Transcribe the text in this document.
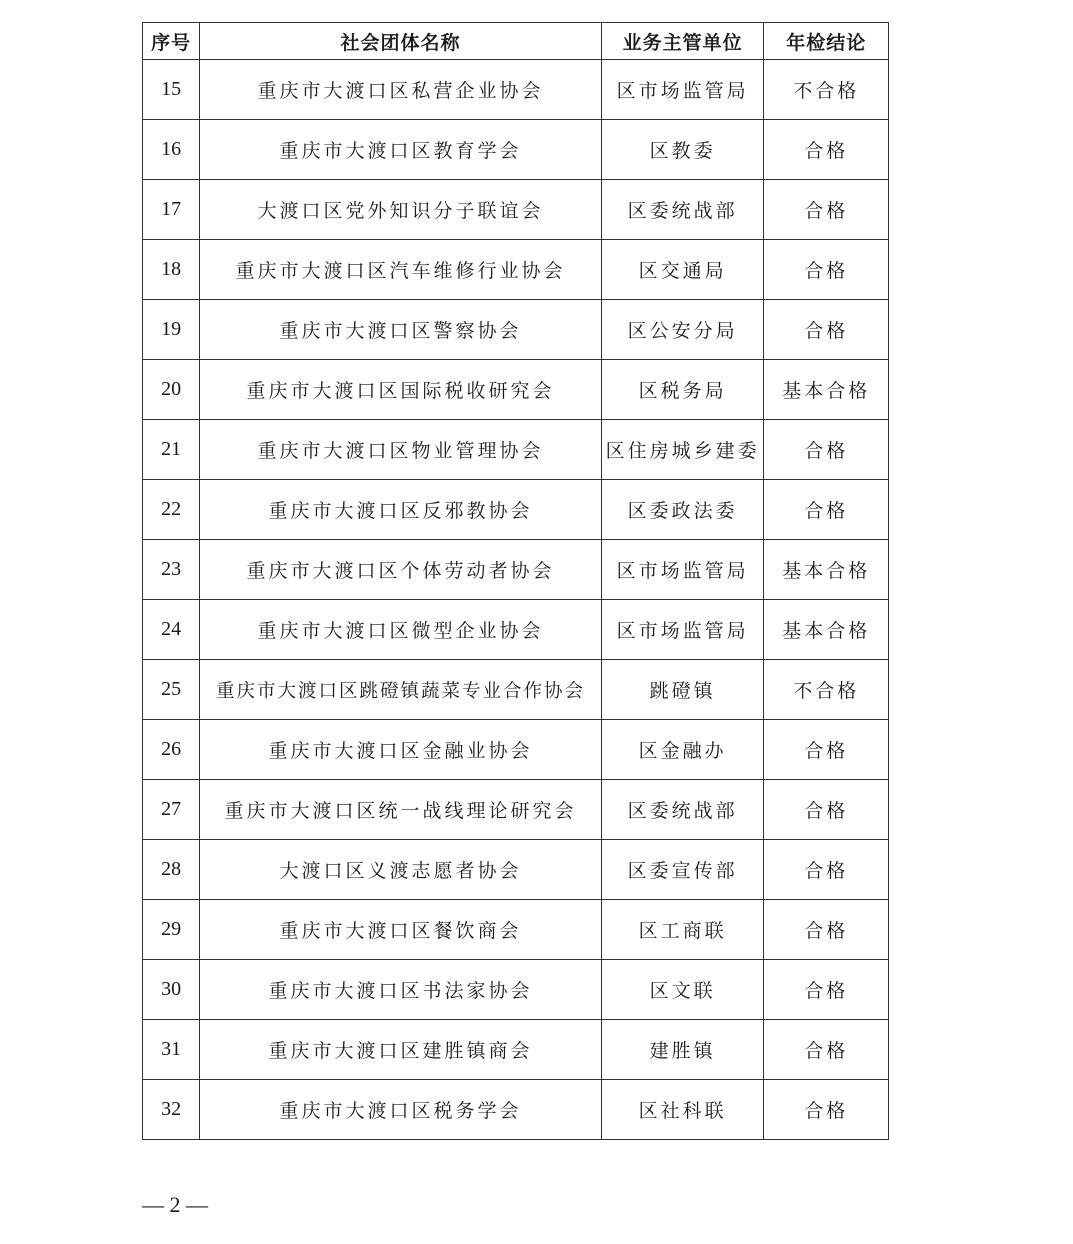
序号	社会团体名称	业务主管单位	年检结论
15	重庆市大渡口区私营企业协会	区市场监管局	不合格
16	重庆市大渡口区教育学会	区教委	合格
17	大渡口区党外知识分子联谊会	区委统战部	合格
18	重庆市大渡口区汽车维修行业协会	区交通局	合格
19	重庆市大渡口区警察协会	区公安分局	合格
20	重庆市大渡口区国际税收研究会	区税务局	基本合格
21	重庆市大渡口区物业管理协会	区住房城乡建委	合格
22	重庆市大渡口区反邪教协会	区委政法委	合格
23	重庆市大渡口区个体劳动者协会	区市场监管局	基本合格
24	重庆市大渡口区微型企业协会	区市场监管局	基本合格
25	重庆市大渡口区跳磴镇蔬菜专业合作协会	跳磴镇	不合格
26	重庆市大渡口区金融业协会	区金融办	合格
27	重庆市大渡口区统一战线理论研究会	区委统战部	合格
28	大渡口区义渡志愿者协会	区委宣传部	合格
29	重庆市大渡口区餐饮商会	区工商联	合格
30	重庆市大渡口区书法家协会	区文联	合格
31	重庆市大渡口区建胜镇商会	建胜镇	合格
32	重庆市大渡口区税务学会	区社科联	合格
— 2 —
